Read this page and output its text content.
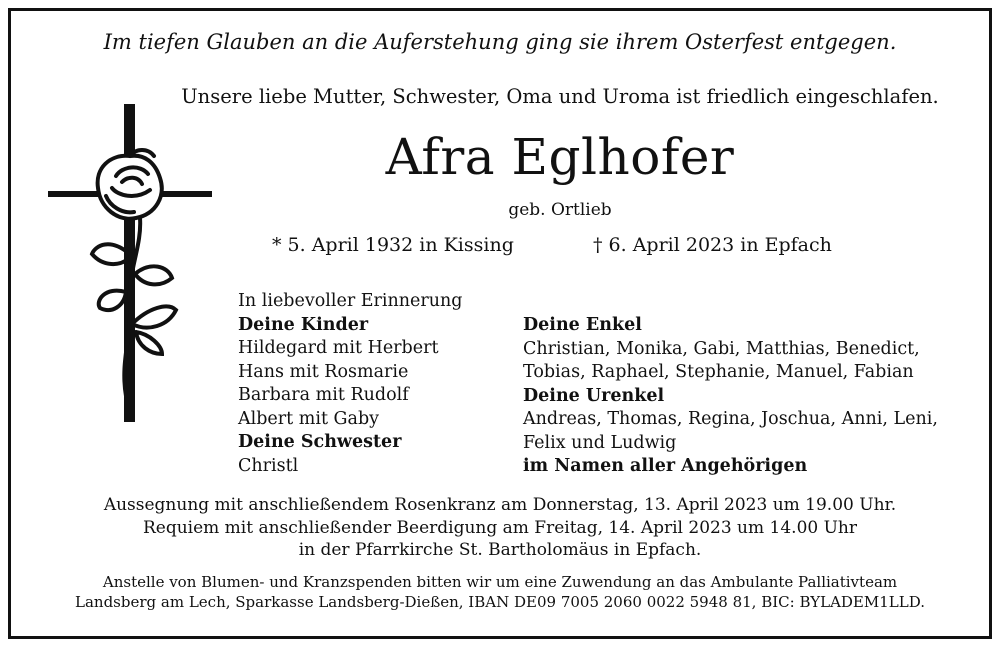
Im tiefen Glauben an die Auferstehung ging sie ihrem Osterfest entgegen.
Unsere liebe Mutter, Schwester, Oma und Uroma ist friedlich eingeschlafen.
Afra Eglhofer
geb. Ortlieb
* 5. April 1932 in Kissing	† 6. April 2023 in Epfach
In liebevoller Erinnerung
Deine Kinder
Hildegard mit Herbert
Hans mit Rosmarie
Barbara mit Rudolf
Albert mit Gaby
Deine Schwester
Christl
Deine Enkel
Christian, Monika, Gabi, Matthias, Benedict,
Tobias, Raphael, Stephanie, Manuel, Fabian
Deine Urenkel
Andreas, Thomas, Regina, Joschua, Anni, Leni,
Felix und Ludwig
im Namen aller Angehörigen
Aussegnung mit anschließendem Rosenkranz am Donnerstag, 13. April 2023 um 19.00 Uhr.
Requiem mit anschließender Beerdigung am Freitag, 14. April 2023 um 14.00 Uhr
in der Pfarrkirche St. Bartholomäus in Epfach.
Anstelle von Blumen- und Kranzspenden bitten wir um eine Zuwendung an das Ambulante Palliativteam
Landsberg am Lech, Sparkasse Landsberg-Dießen, IBAN DE09 7005 2060 0022 5948 81, BIC: BYLADEM1LLD.
